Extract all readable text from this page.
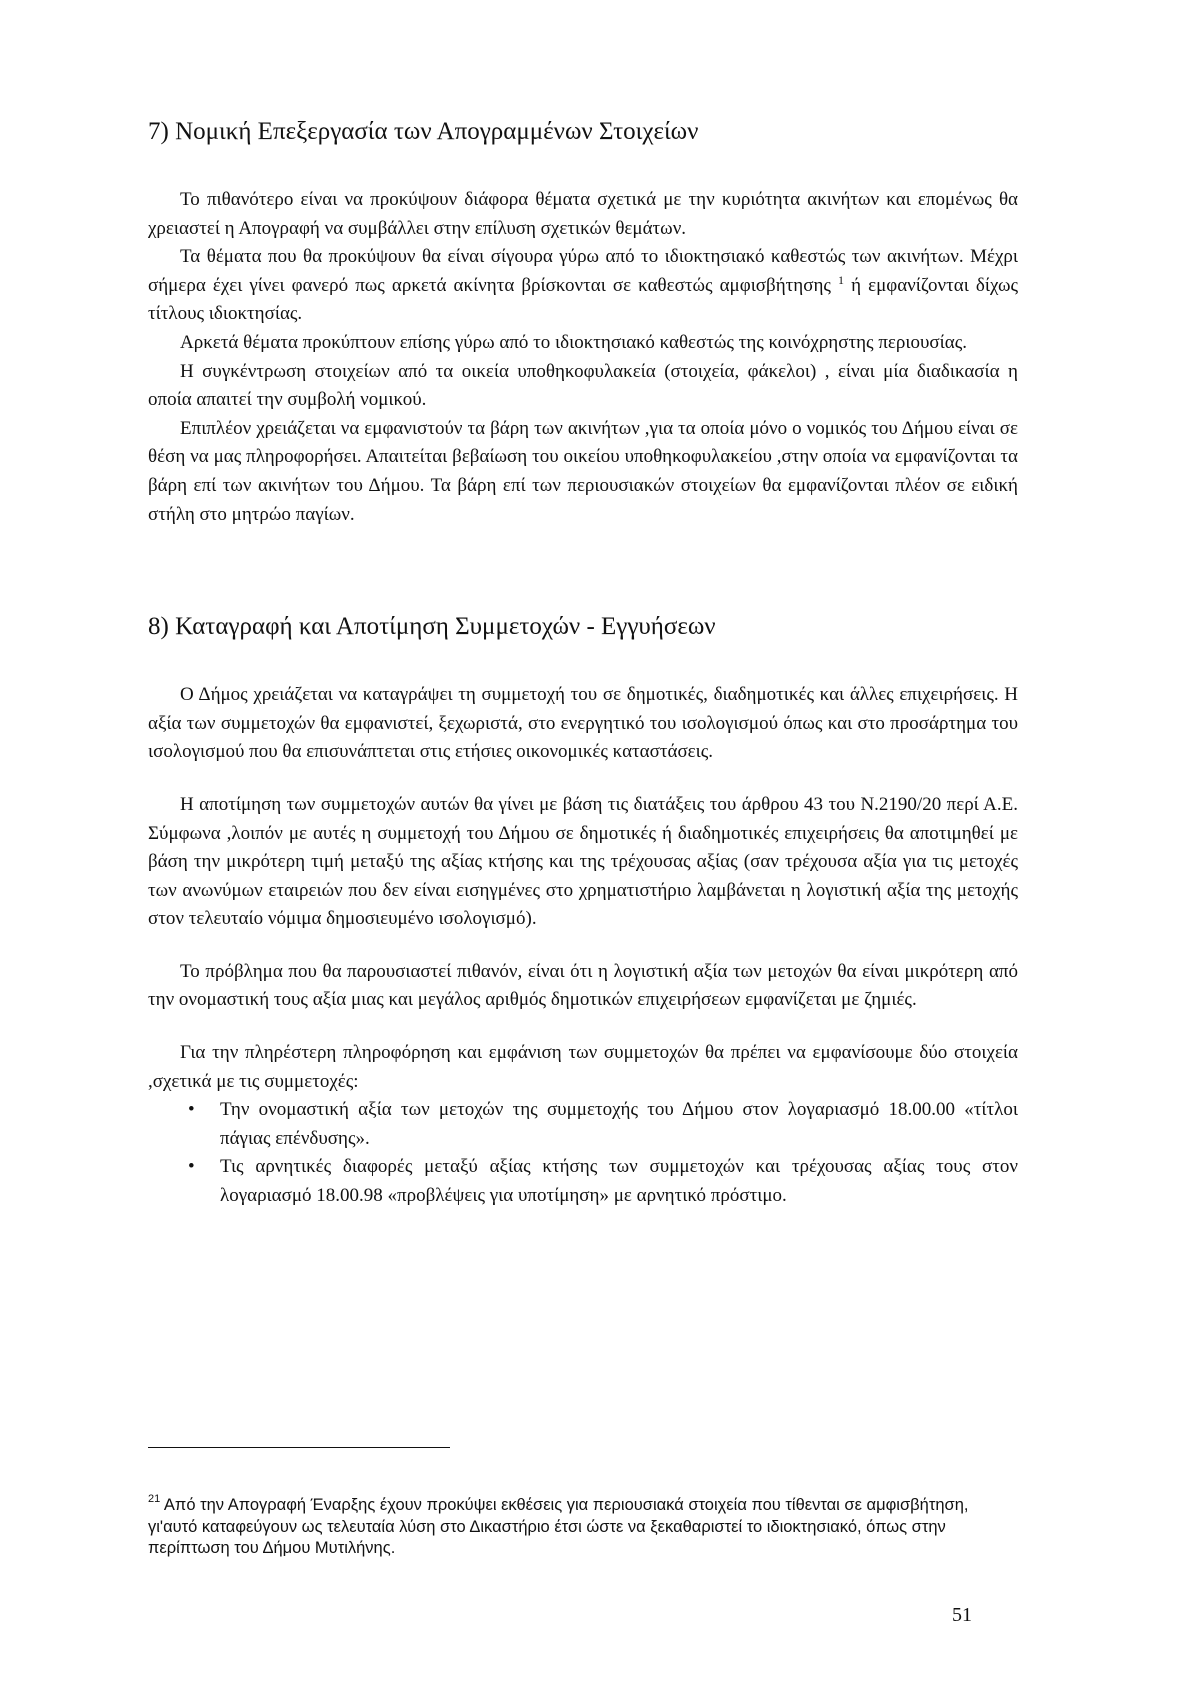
7) Νομική Επεξεργασία των Απογραμμένων Στοιχείων

Το πιθανότερο είναι να προκύψουν διάφορα θέματα σχετικά με την κυριότητα ακινήτων και επομένως θα χρειαστεί η Απογραφή να συμβάλλει στην επίλυση σχετικών θεμάτων.

Τα θέματα που θα προκύψουν θα είναι σίγουρα γύρω από το ιδιοκτησιακό καθεστώς των ακινήτων. Μέχρι σήμερα έχει γίνει φανερό πως αρκετά ακίνητα βρίσκονται σε καθεστώς αμφισβήτησης $^1$ ή εμφανίζονται δίχως τίτλους ιδιοκτησίας.

Αρκετά θέματα προκύπτουν επίσης γύρω από το ιδιοκτησιακό καθεστώς της κοινόχρηστης περιουσίας.

Η συγκέντρωση στοιχείων από τα οικεία υποθηκοφυλακεία (στοιχεία, φάκελοι) , είναι μία διαδικασία η οποία απαιτεί την συμβολή νομικού.

Επιπλέον χρειάζεται να εμφανιστούν τα βάρη των ακινήτων ,για τα οποία μόνο ο νομικός του Δήμου είναι σε θέση να μας πληροφορήσει. Απαιτείται βεβαίωση του οικείου υποθηκοφυλακείου ,στην οποία να εμφανίζονται τα βάρη επί των ακινήτων του Δήμου. Τα βάρη επί των περιουσιακών στοιχείων θα εμφανίζονται πλέον σε ειδική στήλη στο μητρώο παγίων.

8) Καταγραφή και Αποτίμηση Συμμετοχών - Εγγυήσεων

Ο Δήμος χρειάζεται να καταγράψει τη συμμετοχή του σε δημοτικές, διαδημοτικές και άλλες επιχειρήσεις. Η αξία των συμμετοχών θα εμφανιστεί, ξεχωριστά, στο ενεργητικό του ισολογισμού όπως και στο προσάρτημα του ισολογισμού που θα επισυνάπτεται στις ετήσιες οικονομικές καταστάσεις.

Η αποτίμηση των συμμετοχών αυτών θα γίνει με βάση τις διατάξεις του άρθρου 43 του Ν.2190/20 περί Α.Ε. Σύμφωνα ,λοιπόν με αυτές η συμμετοχή του Δήμου σε δημοτικές ή διαδημοτικές επιχειρήσεις θα αποτιμηθεί με βάση την μικρότερη τιμή μεταξύ της αξίας κτήσης και της τρέχουσας αξίας (σαν τρέχουσα αξία για τις μετοχές των ανωνύμων εταιρειών που δεν είναι εισηγμένες στο χρηματιστήριο λαμβάνεται η λογιστική αξία της μετοχής στον τελευταίο νόμιμα δημοσιευμένο ισολογισμό).

Το πρόβλημα που θα παρουσιαστεί πιθανόν, είναι ότι η λογιστική αξία των μετοχών θα είναι μικρότερη από την ονομαστική τους αξία μιας και μεγάλος αριθμός δημοτικών επιχειρήσεων εμφανίζεται με ζημιές.

Για την πληρέστερη πληροφόρηση και εμφάνιση των συμμετοχών θα πρέπει να εμφανίσουμε δύο στοιχεία ,σχετικά με τις συμμετοχές:

• Την ονομαστική αξία των μετοχών της συμμετοχής του Δήμου στον λογαριασμό 18.00.00 «τίτλοι πάγιας επένδυσης».
• Τις αρνητικές διαφορές μεταξύ αξίας κτήσης των συμμετοχών και τρέχουσας αξίας τους στον λογαριασμό 18.00.98 «προβλέψεις για υποτίμηση» με αρνητικό πρόστιμο.
$^{21}$ Από την Απογραφή Έναρξης έχουν προκύψει εκθέσεις για περιουσιακά στοιχεία που τίθενται σε αμφισβήτηση, γι'αυτό καταφεύγουν ως τελευταία λύση στο Δικαστήριο έτσι ώστε να ξεκαθαριστεί το ιδιοκτησιακό, όπως στην περίπτωση του Δήμου Μυτιλήνης.
51
